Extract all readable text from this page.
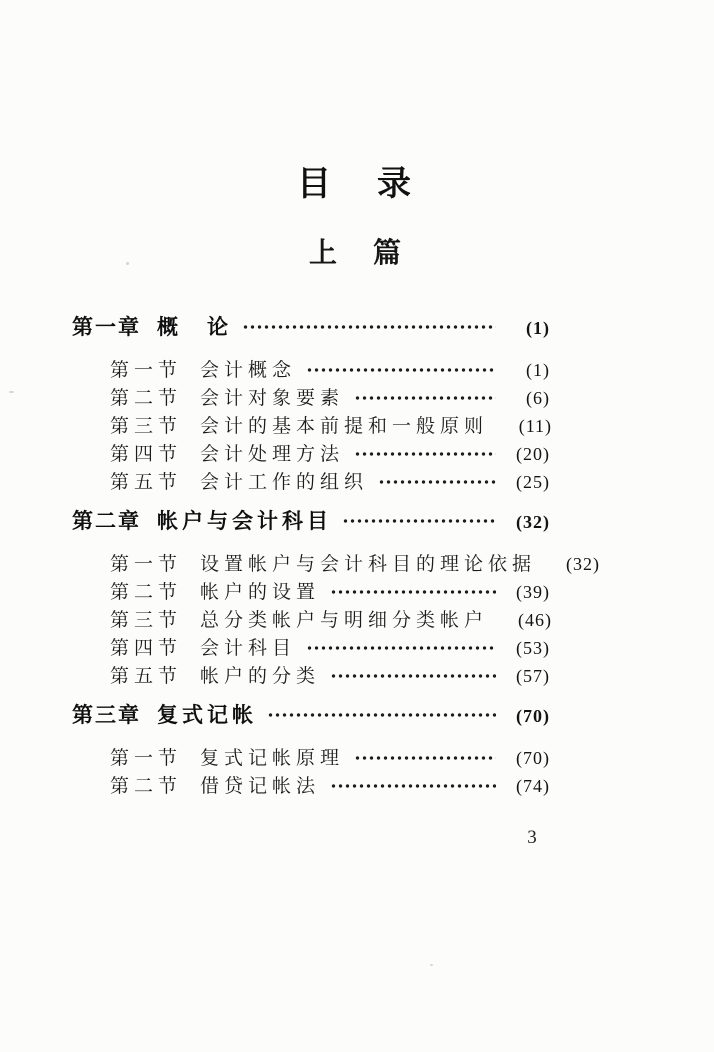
目　录
上　篇
第一章 概　论	(1)
第一节 会计概念	(1)
第二节 会计对象要素	(6)
第三节 会计的基本前提和一般原则	(11)
第四节 会计处理方法	(20)
第五节 会计工作的组织	(25)
第二章 帐户与会计科目	(32)
第一节 设置帐户与会计科目的理论依据	(32)
第二节 帐户的设置	(39)
第三节 总分类帐户与明细分类帐户	(46)
第四节 会计科目	(53)
第五节 帐户的分类	(57)
第三章 复式记帐	(70)
第一节 复式记帐原理	(70)
第二节 借贷记帐法	(74)
3
